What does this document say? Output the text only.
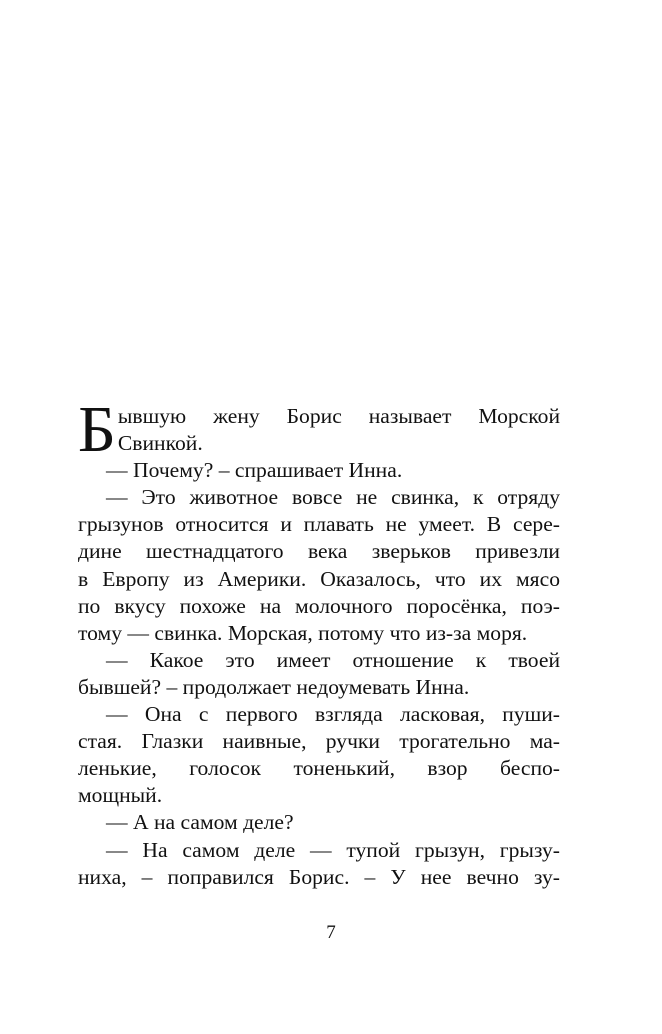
Б ывшую жену Борис называет Морской
Свинкой.
— Почему? – спрашивает Инна.
— Это животное вовсе не свинка, к отряду
грызунов относится и плавать не умеет. В сере-
дине шестнадцатого века зверьков привезли
в Европу из Америки. Оказалось, что их мясо
по вкусу похоже на молочного поросёнка, поэ-
тому — свинка. Морская, потому что из-за моря.
— Какое это имеет отношение к твоей
бывшей? – продолжает недоумевать Инна.
— Она с первого взгляда ласковая, пуши-
стая. Глазки наивные, ручки трогательно ма-
ленькие, голосок тоненький, взор беспо-
мощный.
— А на самом деле?
— На самом деле — тупой грызун, грызу-
ниха, – поправился Борис. – У нее вечно зу-
7
